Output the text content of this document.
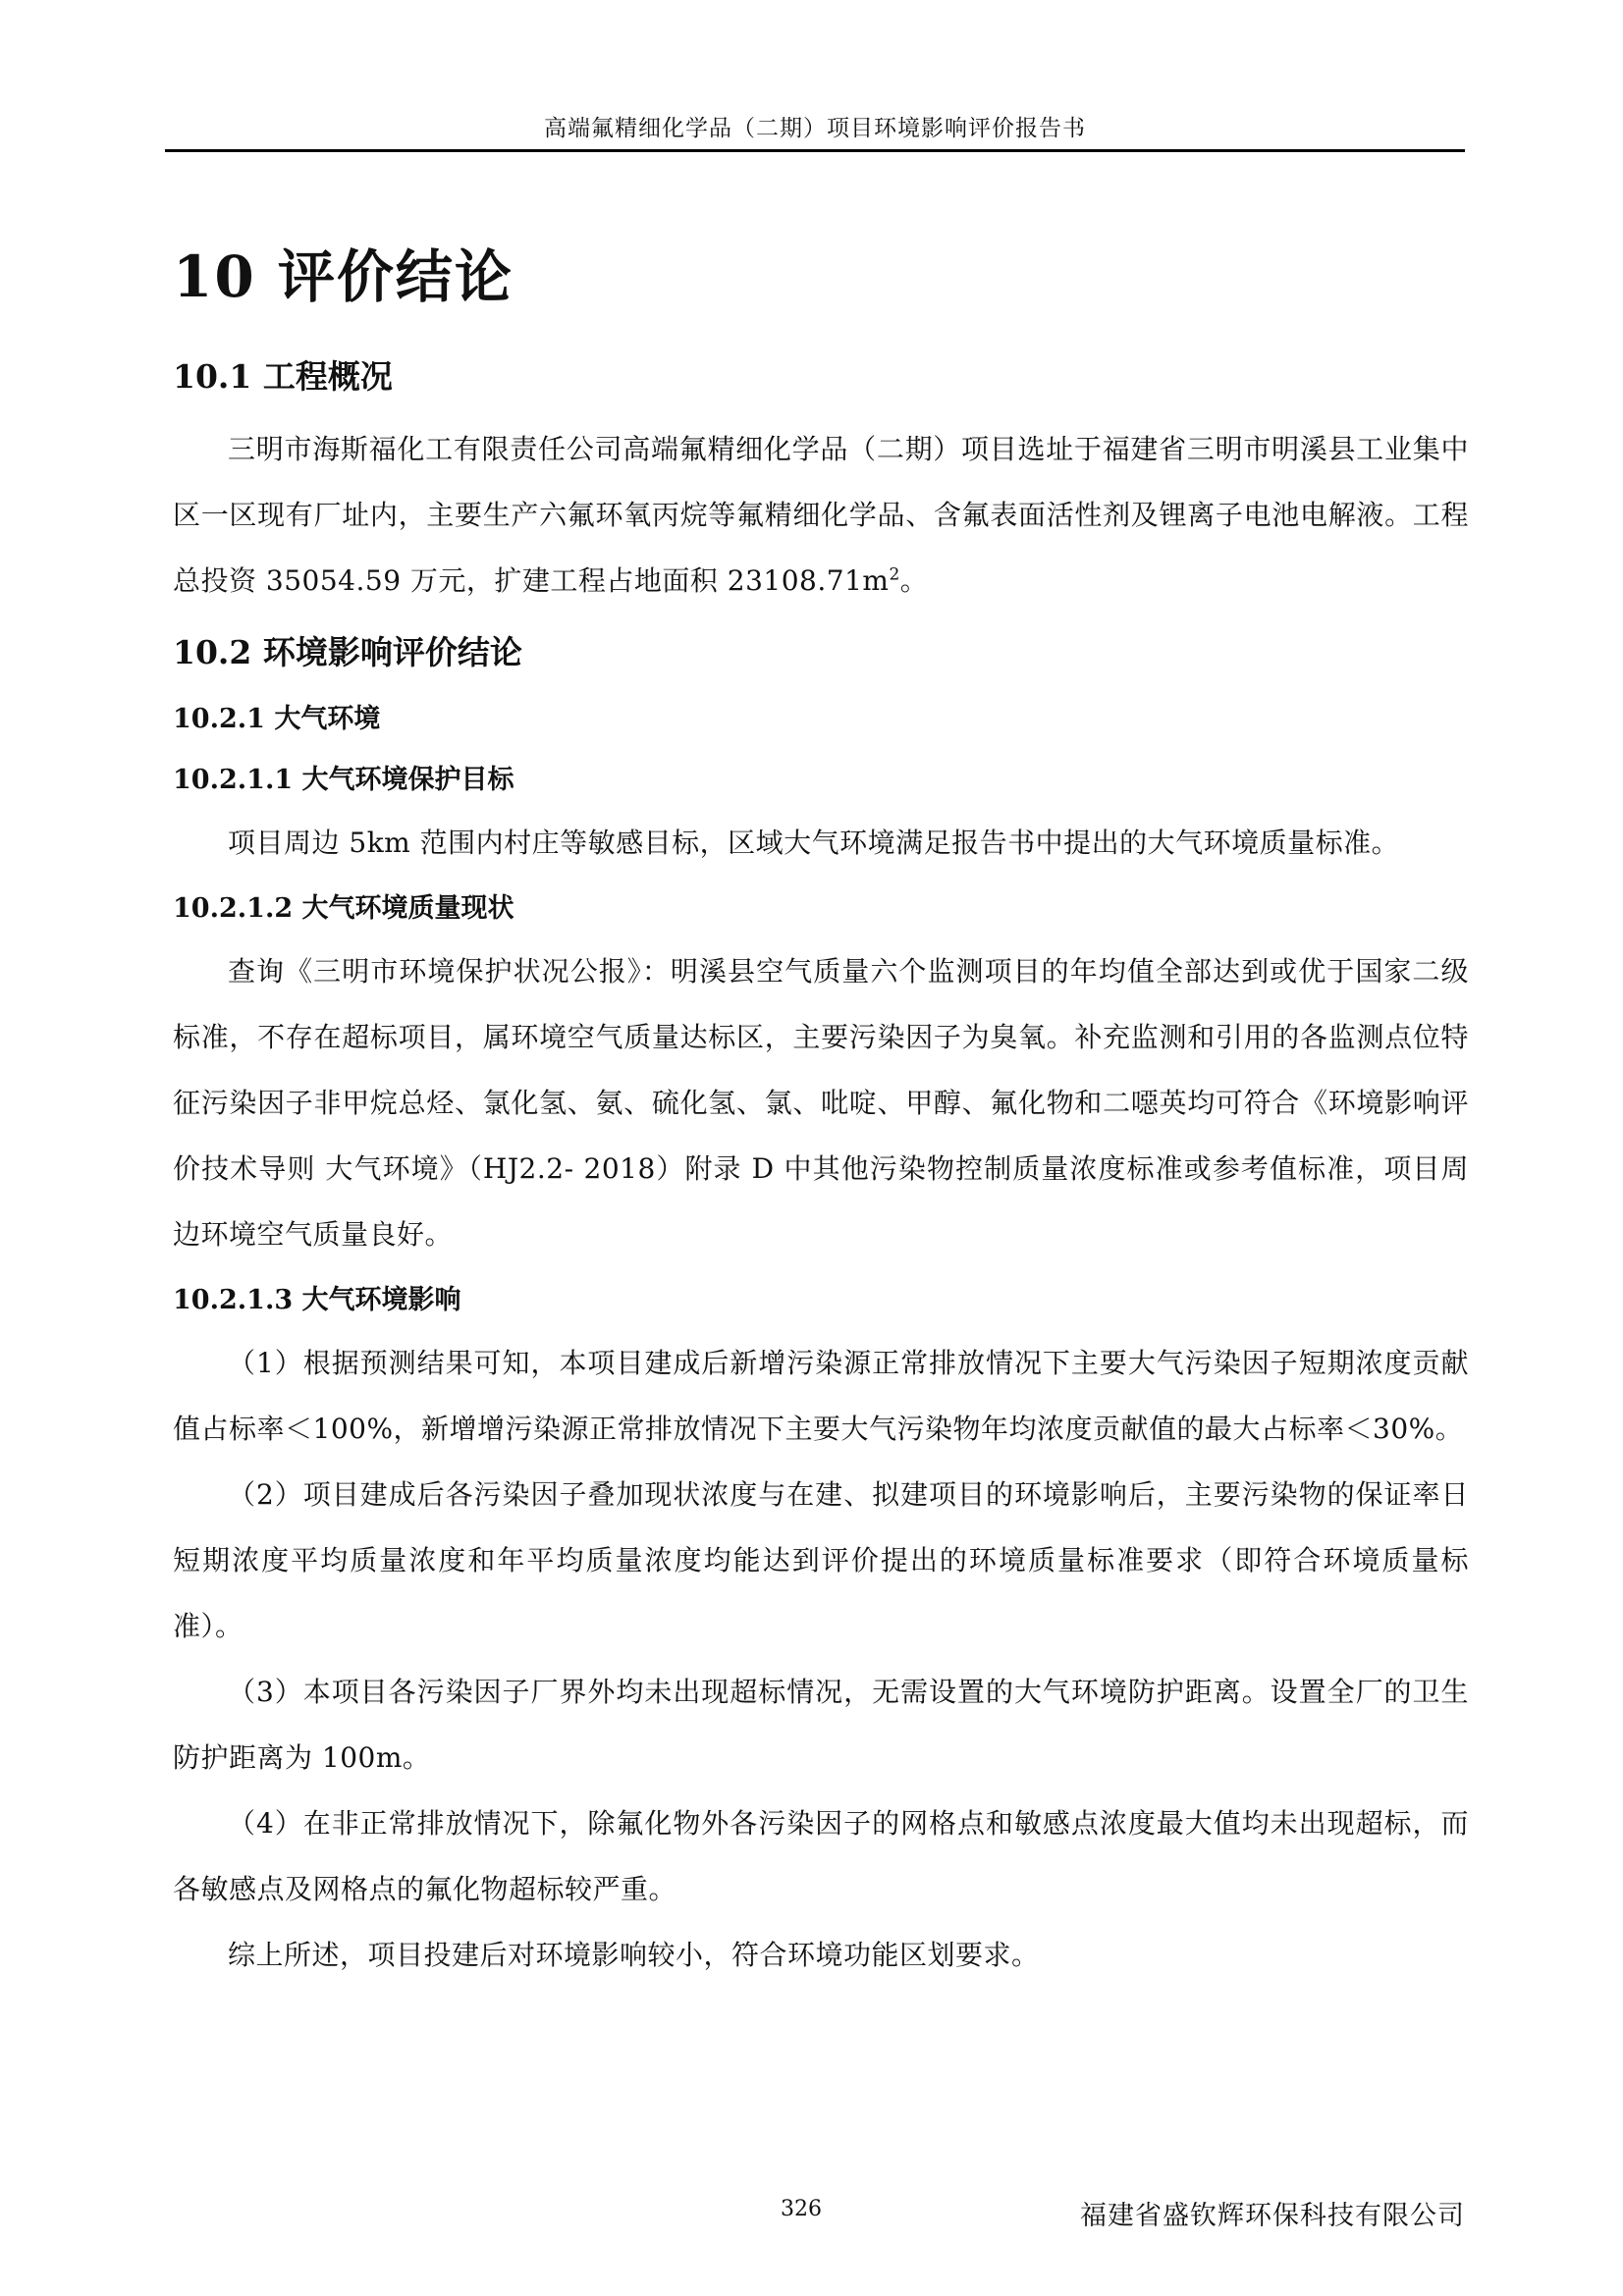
高端氟精细化学品（二期）项目环境影响评价报告书
10 评价结论
10.1 工程概况

三明市海斯福化工有限责任公司高端氟精细化学品（二期）项目选址于福建省三明市明溪县工业集中区一区现有厂址内，主要生产六氟环氧丙烷等氟精细化学品、含氟表面活性剂及锂离子电池电解液。工程总投资 35054.59 万元，扩建工程占地面积 $23108.71m^2$。

10.2 环境影响评价结论
10.2.1 大气环境
10.2.1.1 大气环境保护目标

项目周边 5km 范围内村庄等敏感目标，区域大气环境满足报告书中提出的大气环境质量标准。

10.2.1.2 大气环境质量现状

查询《三明市环境保护状况公报》：明溪县空气质量六个监测项目的年均值全部达到或优于国家二级标准，不存在超标项目，属环境空气质量达标区，主要污染因子为臭氧。补充监测和引用的各监测点位特征污染因子非甲烷总烃、氯化氢、氨、硫化氢、氯、吡啶、甲醇、氟化物和二噁英均可符合《环境影响评价技术导则 大气环境》（HJ2.2- 2018）附录 D 中其他污染物控制质量浓度标准或参考值标准，项目周边环境空气质量良好。

10.2.1.3 大气环境影响

（1）根据预测结果可知，本项目建成后新增污染源正常排放情况下主要大气污染因子短期浓度贡献值占标率＜100%，新增增污染源正常排放情况下主要大气污染物年均浓度贡献值的最大占标率＜30%。

（2）项目建成后各污染因子叠加现状浓度与在建、拟建项目的环境影响后，主要污染物的保证率日短期浓度平均质量浓度和年平均质量浓度均能达到评价提出的环境质量标准要求（即符合环境质量标准）。

（3）本项目各污染因子厂界外均未出现超标情况，无需设置的大气环境防护距离。设置全厂的卫生防护距离为 100m。

（4）在非正常排放情况下，除氟化物外各污染因子的网格点和敏感点浓度最大值均未出现超标，而各敏感点及网格点的氟化物超标较严重。

综上所述，项目投建后对环境影响较小，符合环境功能区划要求。

326	福建省盛钦辉环保科技有限公司
